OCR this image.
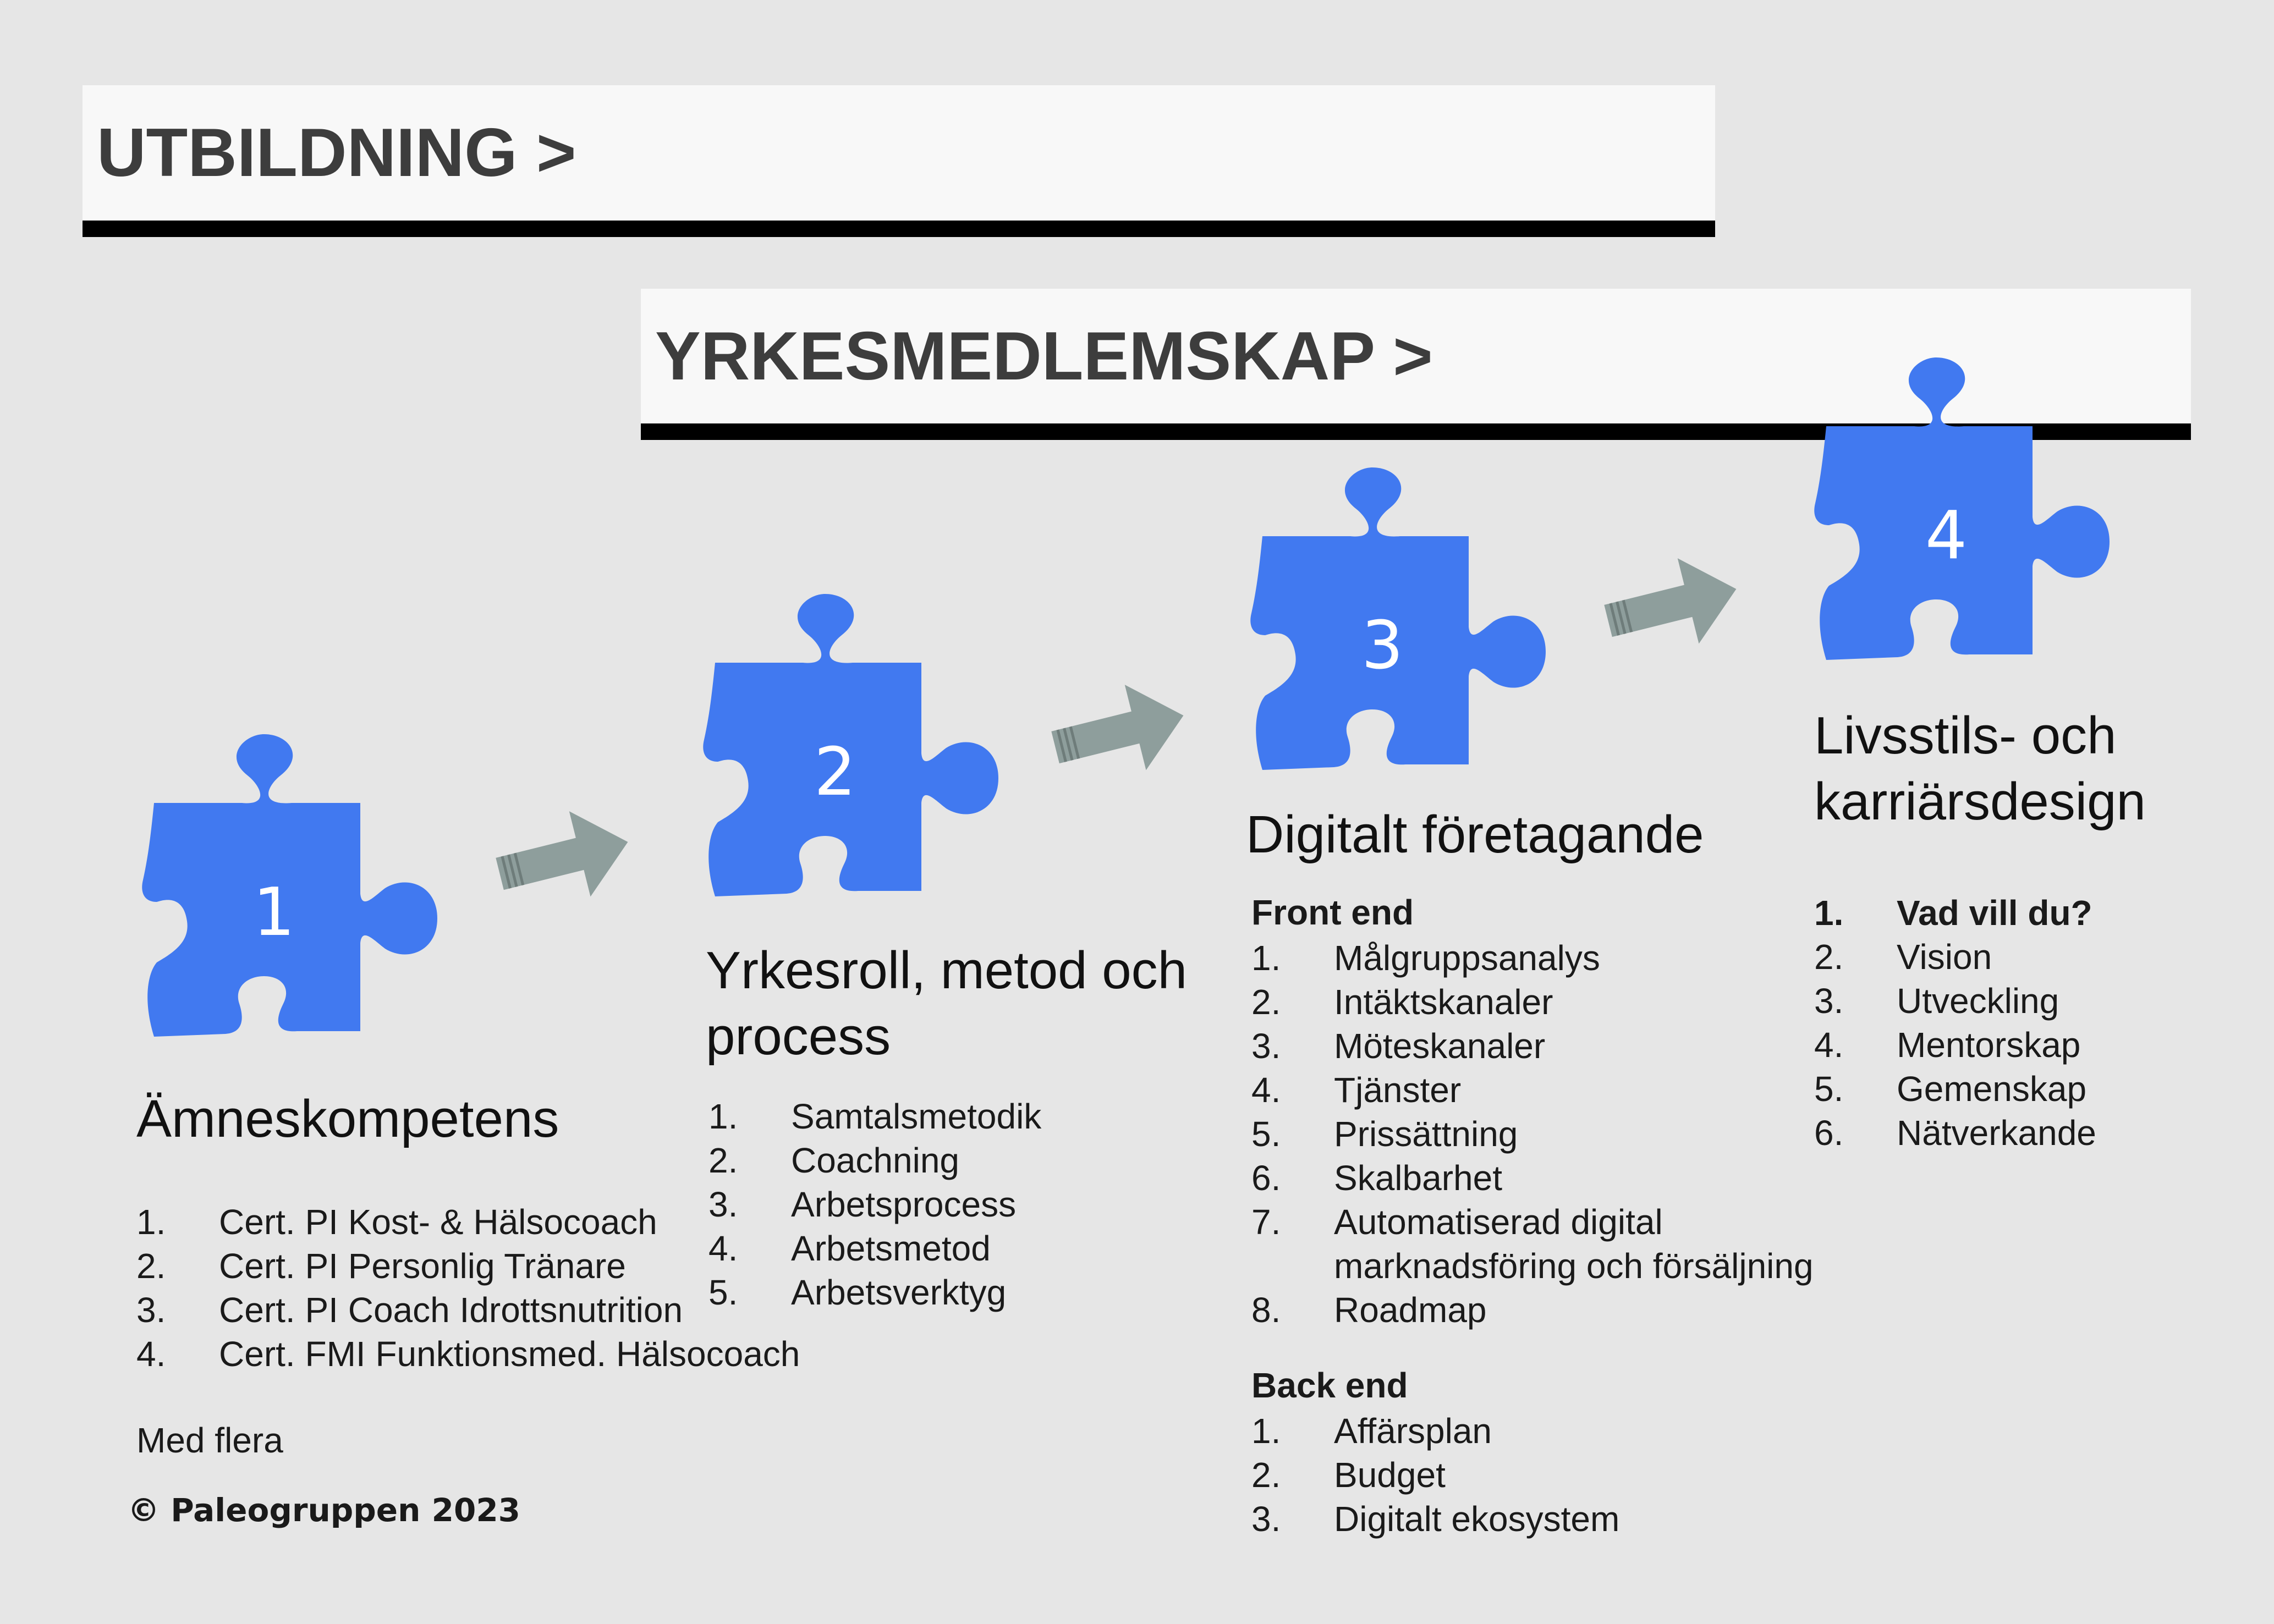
UTBILDNING >
YRKESMEDLEMSKAP >
1
2
3
4
Ämneskompetens
1.	Cert. PI Kost- & Hälsocoach
2.	Cert. PI Personlig Tränare
3.	Cert. PI Coach Idrottsnutrition
4.	Cert. FMI Funktionsmed. Hälsocoach
Med flera
Yrkesroll, metod och
process
1.	Samtalsmetodik
2.	Coachning
3.	Arbetsprocess
4.	Arbetsmetod
5.	Arbetsverktyg
Digitalt företagande
Front end
1.	Målgruppsanalys
2.	Intäktskanaler
3.	Möteskanaler
4.	Tjänster
5.	Prissättning
6.	Skalbarhet
7.	Automatiserad digital
marknadsföring och försäljning
8.	Roadmap
Back end
1.	Affärsplan
2.	Budget
3.	Digitalt ekosystem
Livsstils- och
karriärsdesign
1.	Vad vill du?
2.	Vision
3.	Utveckling
4.	Mentorskap
5.	Gemenskap
6.	Nätverkande
© Paleogruppen 2023
